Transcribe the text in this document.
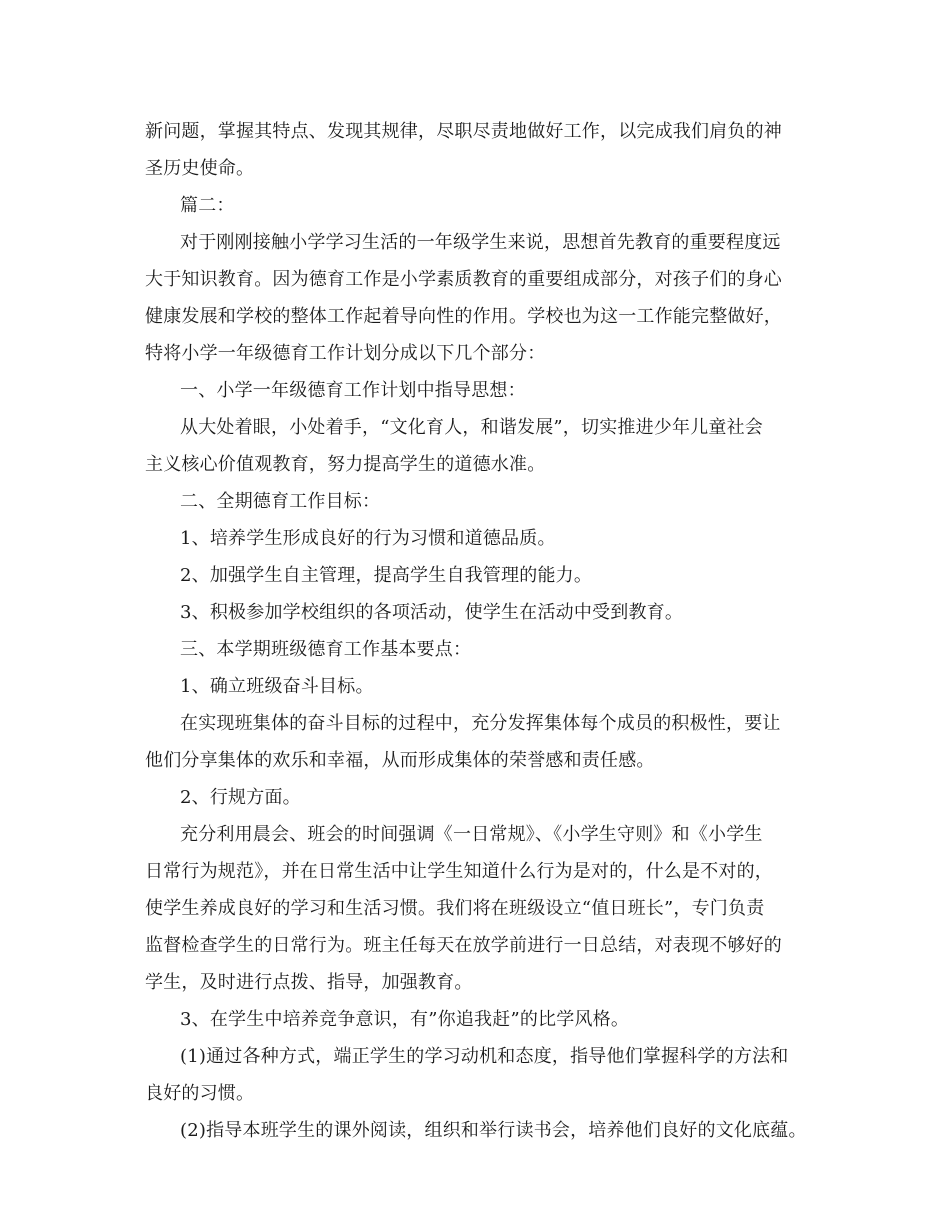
新问题，掌握其特点、发现其规律，尽职尽责地做好工作，以完成我们肩负的神
圣历史使命。
篇二：
对于刚刚接触小学学习生活的一年级学生来说，思想首先教育的重要程度远
大于知识教育。因为德育工作是小学素质教育的重要组成部分，对孩子们的身心
健康发展和学校的整体工作起着导向性的作用。学校也为这一工作能完整做好，
特将小学一年级德育工作计划分成以下几个部分：
一、小学一年级德育工作计划中指导思想：
从大处着眼，小处着手，“文化育人，和谐发展”，切实推进少年儿童社会
主义核心价值观教育，努力提高学生的道德水准。
二、全期德育工作目标：
1、培养学生形成良好的行为习惯和道德品质。
2、加强学生自主管理，提高学生自我管理的能力。
3、积极参加学校组织的各项活动，使学生在活动中受到教育。
三、本学期班级德育工作基本要点：
1、确立班级奋斗目标。
在实现班集体的奋斗目标的过程中，充分发挥集体每个成员的积极性，要让
他们分享集体的欢乐和幸福，从而形成集体的荣誉感和责任感。
2、行规方面。
充分利用晨会、班会的时间强调《一日常规》、《小学生守则》和《小学生
日常行为规范》，并在日常生活中让学生知道什么行为是对的，什么是不对的，
使学生养成良好的学习和生活习惯。我们将在班级设立“值日班长”，专门负责
监督检查学生的日常行为。班主任每天在放学前进行一日总结，对表现不够好的
学生，及时进行点拨、指导，加强教育。
3、在学生中培养竞争意识，有”你追我赶”的比学风格。
(1)通过各种方式，端正学生的学习动机和态度，指导他们掌握科学的方法和
良好的习惯。
(2)指导本班学生的课外阅读，组织和举行读书会，培养他们良好的文化底蕴。
